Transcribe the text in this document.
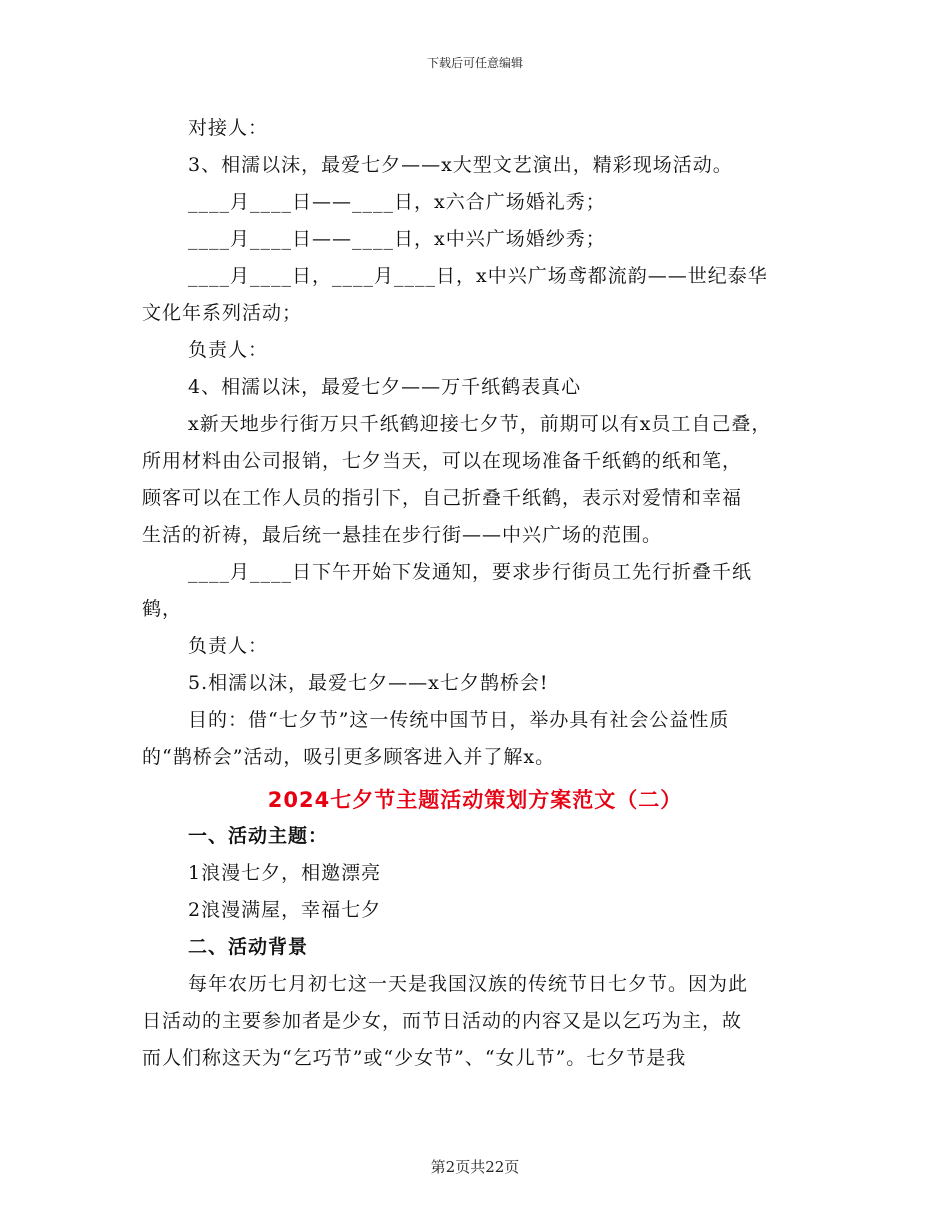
下载后可任意编辑
对接人：
3、相濡以沫，最爱七夕——x大型文艺演出，精彩现场活动。
____月____日——____日，x六合广场婚礼秀；
____月____日——____日，x中兴广场婚纱秀；
____月____日，____月____日，x中兴广场鸢都流韵——世纪泰华
文化年系列活动；
负责人：
4、相濡以沫，最爱七夕——万千纸鹤表真心
x新天地步行街万只千纸鹤迎接七夕节，前期可以有x员工自己叠，
所用材料由公司报销，七夕当天，可以在现场准备千纸鹤的纸和笔，
顾客可以在工作人员的指引下，自己折叠千纸鹤，表示对爱情和幸福
生活的祈祷，最后统一悬挂在步行街——中兴广场的范围。
____月____日下午开始下发通知，要求步行街员工先行折叠千纸
鹤，
负责人：
5.相濡以沫，最爱七夕——x七夕鹊桥会!
目的：借“七夕节”这一传统中国节日，举办具有社会公益性质
的“鹊桥会”活动，吸引更多顾客进入并了解x。
2024七夕节主题活动策划方案范文（二）
一、活动主题：
1浪漫七夕，相邀漂亮
2浪漫满屋，幸福七夕
二、活动背景
每年农历七月初七这一天是我国汉族的传统节日七夕节。因为此
日活动的主要参加者是少女，而节日活动的内容又是以乞巧为主，故
而人们称这天为“乞巧节”或“少女节”、“女儿节”。七夕节是我
第2页共22页
